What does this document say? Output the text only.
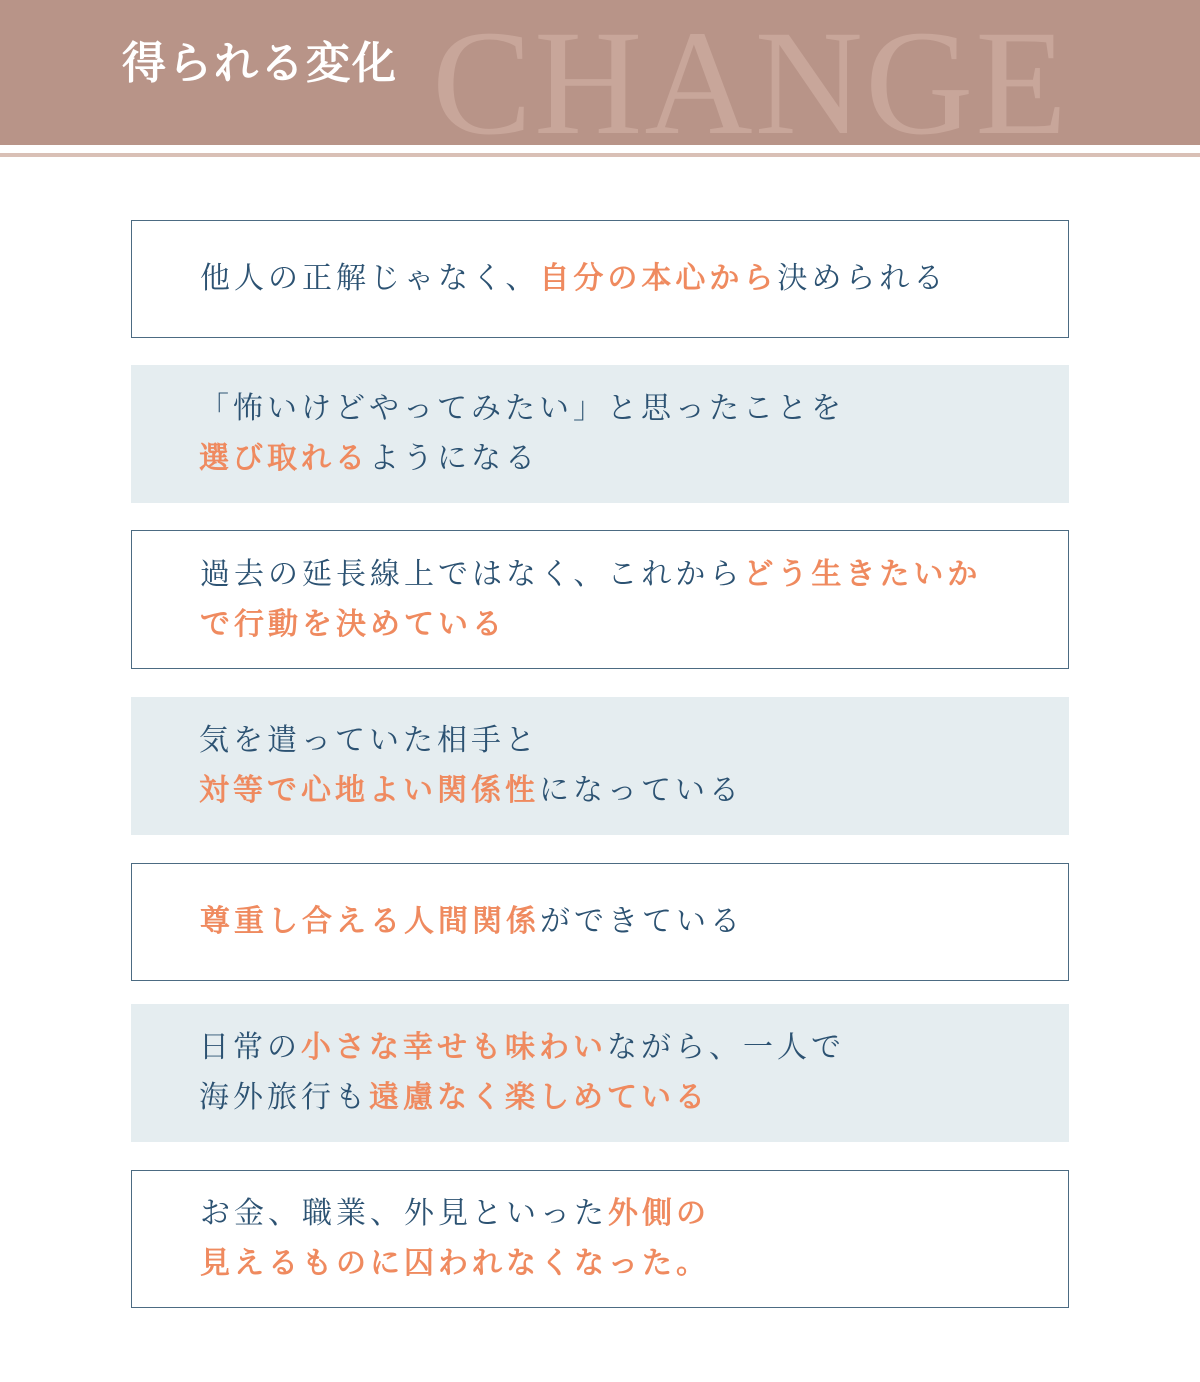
CHANGE
得られる変化
他人の正解じゃなく、自分の本心から決められる
「怖いけどやってみたい」と思ったことを
選び取れるようになる
過去の延長線上ではなく、これからどう生きたいか
で行動を決めている
気を遣っていた相手と
対等で心地よい関係性になっている
尊重し合える人間関係ができている
日常の小さな幸せも味わいながら、一人で
海外旅行も遠慮なく楽しめている
お金、職業、外見といった外側の
見えるものに囚われなくなった。
